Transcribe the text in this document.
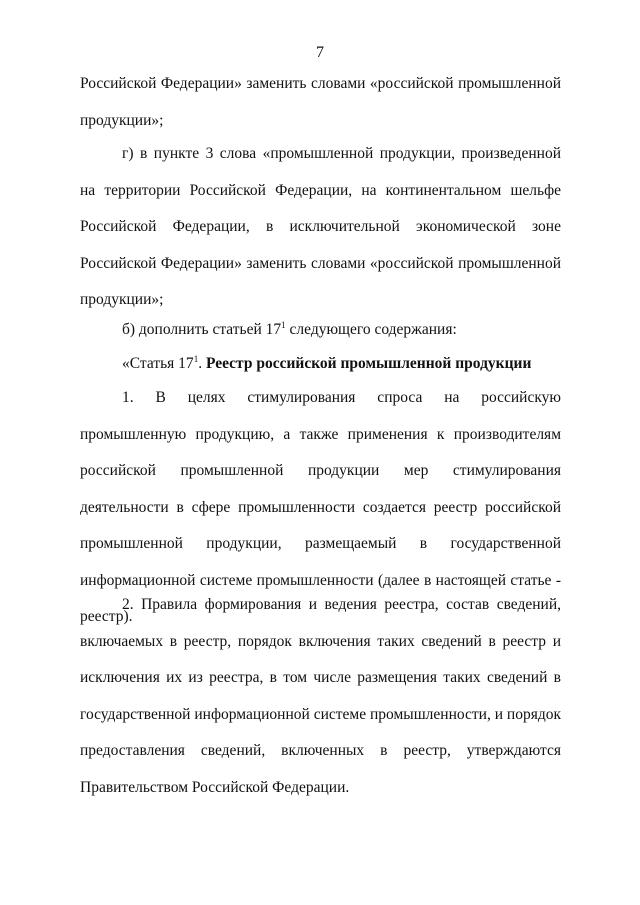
7

Российской Федерации» заменить словами «российской промышленной продукции»;

г) в пункте 3 слова «промышленной продукции, произведенной на территории Российской Федерации, на континентальном шельфе Российской Федерации, в исключительной экономической зоне Российской Федерации» заменить словами «российской промышленной продукции»;

б) дополнить статьей $17^1$ следующего содержания:

«Статья $17^1$. Реестр российской промышленной продукции

1. В целях стимулирования спроса на российскую промышленную продукцию, а также применения к производителям российской промышленной продукции мер стимулирования деятельности в сфере промышленности создается реестр российской промышленной продукции, размещаемый в государственной информационной системе промышленности (далее в настоящей статье - реестр).

2. Правила формирования и ведения реестра, состав сведений, включаемых в реестр, порядок включения таких сведений в реестр и исключения их из реестра, в том числе размещения таких сведений в государственной информационной системе промышленности, и порядок предоставления сведений, включенных в реестр, утверждаются Правительством Российской Федерации.
